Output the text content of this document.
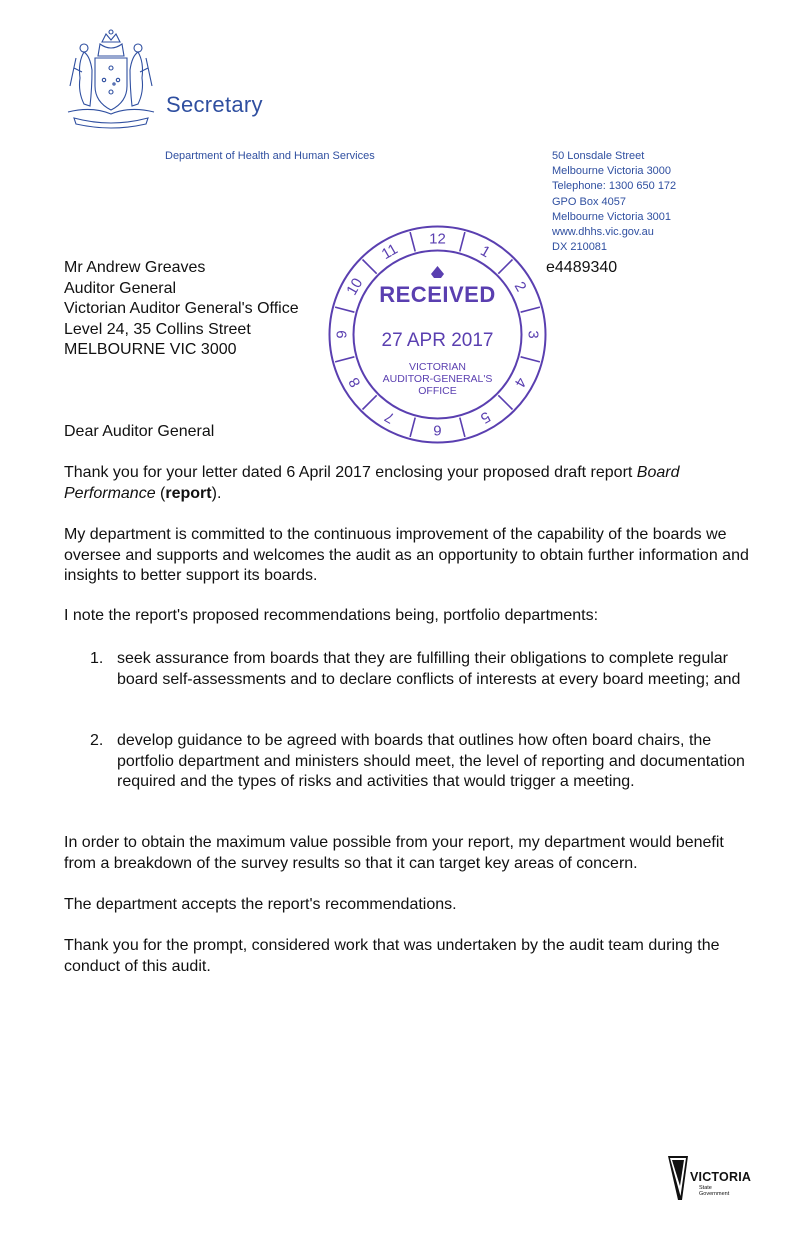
Secretary
Department of Health and Human Services	50 Lonsdale Street
Melbourne Victoria 3000
Telephone: 1300 650 172
GPO Box 4057
Melbourne Victoria 3001
www.dhhs.vic.gov.au
DX 210081
e4489340
Mr Andrew Greaves
Auditor General
Victorian Auditor General's Office
Level 24, 35 Collins Street
MELBOURNE VIC 3000
1
2
3
4
5
6
7
8
9
10
11
12
RECEIVED
27 APR 2017
VICTORIAN
AUDITOR-GENERAL'S
OFFICE
Dear Auditor General
Thank you for your letter dated 6 April 2017 enclosing your proposed draft report Board Performance (report).
My department is committed to the continuous improvement of the capability of the boards we oversee and supports and welcomes the audit as an opportunity to obtain further information and insights to better support its boards.
I note the report's proposed recommendations being, portfolio departments:
1. seek assurance from boards that they are fulfilling their obligations to complete regular board self-assessments and to declare conflicts of interests at every board meeting; and
2. develop guidance to be agreed with boards that outlines how often board chairs, the portfolio department and ministers should meet, the level of reporting and documentation required and the types of risks and activities that would trigger a meeting.
In order to obtain the maximum value possible from your report, my department would benefit from a breakdown of the survey results so that it can target key areas of concern.
The department accepts the report's recommendations.
Thank you for the prompt, considered work that was undertaken by the audit team during the conduct of this audit.
VICTORIA
State
Government
